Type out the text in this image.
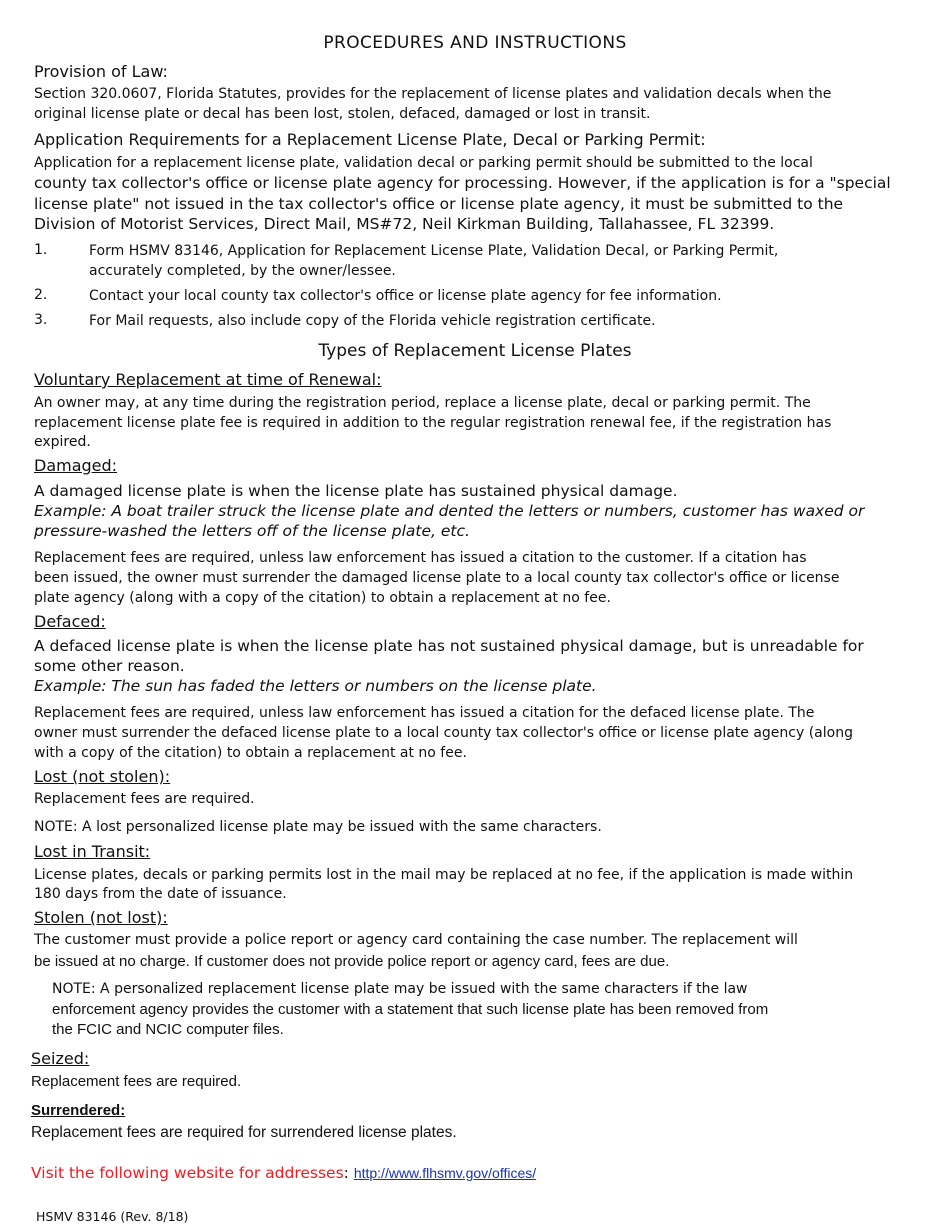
PROCEDURES AND INSTRUCTIONS
Provision of Law:
Section 320.0607, Florida Statutes, provides for the replacement of license plates and validation decals when the
original license plate or decal has been lost, stolen, defaced, damaged or lost in transit.
Application Requirements for a Replacement License Plate, Decal or Parking Permit:
Application for a replacement license plate, validation decal or parking permit should be submitted to the local
county tax collector's office or license plate agency for processing. However, if the application is for a "special
license plate" not issued in the tax collector's office or license plate agency, it must be submitted to the
Division of Motorist Services, Direct Mail, MS#72, Neil Kirkman Building, Tallahassee, FL 32399.
1.	Form HSMV 83146, Application for Replacement License Plate, Validation Decal, or Parking Permit,
accurately completed, by the owner/lessee.
2.	Contact your local county tax collector's office or license plate agency for fee information.
3.	For Mail requests, also include copy of the Florida vehicle registration certificate.
Types of Replacement License Plates
Voluntary Replacement at time of Renewal:
An owner may, at any time during the registration period, replace a license plate, decal or parking permit. The
replacement license plate fee is required in addition to the regular registration renewal fee, if the registration has
expired.
Damaged:
A damaged license plate is when the license plate has sustained physical damage.
Example: A boat trailer struck the license plate and dented the letters or numbers, customer has waxed or
pressure-washed the letters off of the license plate, etc.
Replacement fees are required, unless law enforcement has issued a citation to the customer. If a citation has
been issued, the owner must surrender the damaged license plate to a local county tax collector's office or license
plate agency (along with a copy of the citation) to obtain a replacement at no fee.
Defaced:
A defaced license plate is when the license plate has not sustained physical damage, but is unreadable for
some other reason.
Example: The sun has faded the letters or numbers on the license plate.
Replacement fees are required, unless law enforcement has issued a citation for the defaced license plate. The
owner must surrender the defaced license plate to a local county tax collector's office or license plate agency (along
with a copy of the citation) to obtain a replacement at no fee.
Lost (not stolen):
Replacement fees are required.
NOTE: A lost personalized license plate may be issued with the same characters.
Lost in Transit:
License plates, decals or parking permits lost in the mail may be replaced at no fee, if the application is made within
180 days from the date of issuance.
Stolen (not lost):
The customer must provide a police report or agency card containing the case number. The replacement will
be issued at no charge. If customer does not provide police report or agency card, fees are due.
NOTE: A personalized replacement license plate may be issued with the same characters if the law
enforcement agency provides the customer with a statement that such license plate has been removed from
the FCIC and NCIC computer files.
Seized:
Replacement fees are required.
Surrendered:
Replacement fees are required for surrendered license plates.
Visit the following website for addresses: http://www.flhsmv.gov/offices/
HSMV 83146 (Rev. 8/18)
